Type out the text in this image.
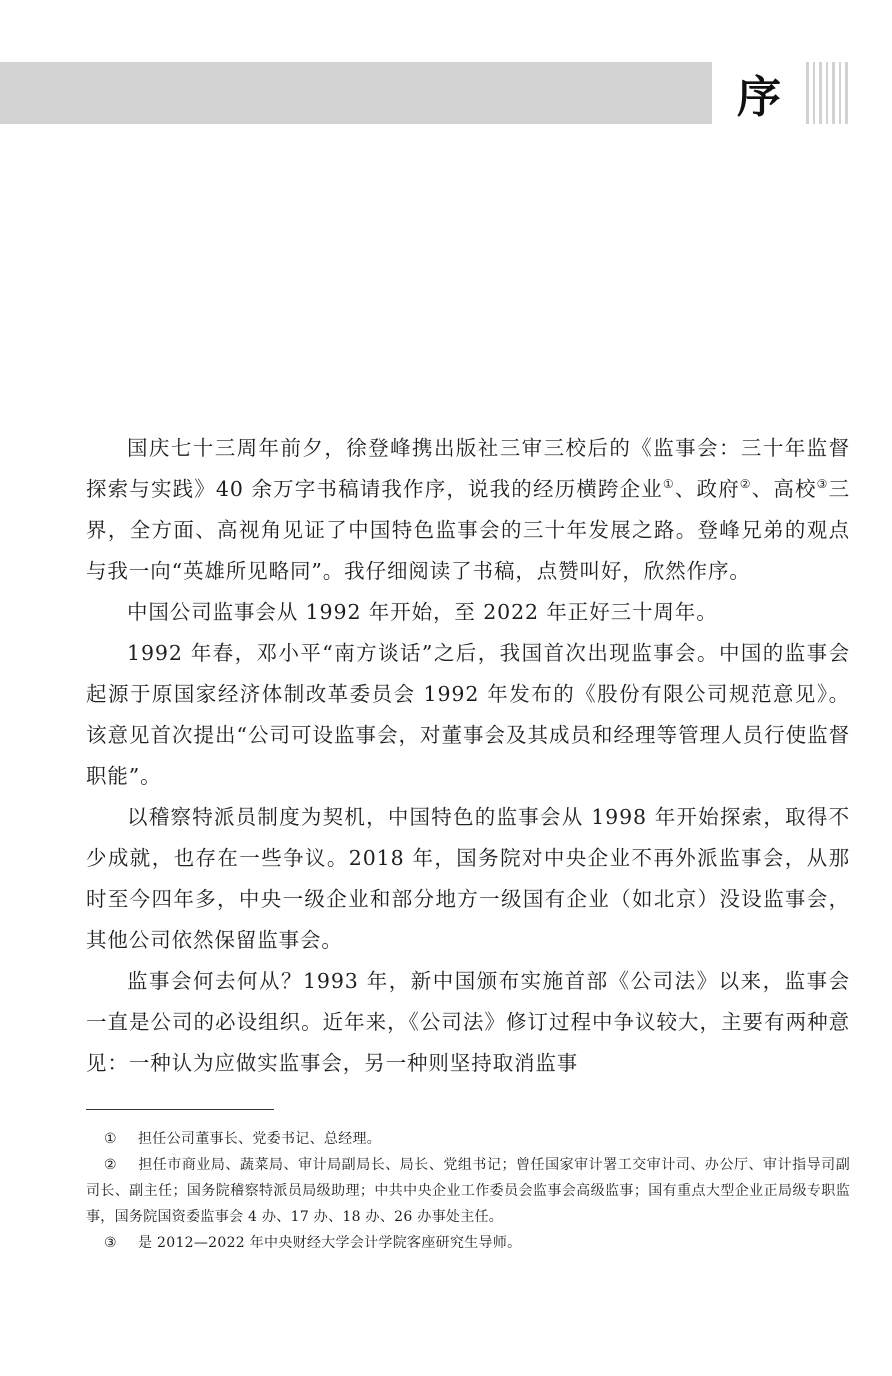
序

国庆七十三周年前夕，徐登峰携出版社三审三校后的《监事会：三十年监督探索与实践》40 余万字书稿请我作序，说我的经历横跨企业①、政府②、高校③三界，全方面、高视角见证了中国特色监事会的三十年发展之路。登峰兄弟的观点与我一向“英雄所见略同”。我仔细阅读了书稿，点赞叫好，欣然作序。

中国公司监事会从 1992 年开始，至 2022 年正好三十周年。

1992 年春，邓小平“南方谈话”之后，我国首次出现监事会。中国的监事会起源于原国家经济体制改革委员会 1992 年发布的《股份有限公司规范意见》。该意见首次提出“公司可设监事会，对董事会及其成员和经理等管理人员行使监督职能”。

以稽察特派员制度为契机，中国特色的监事会从 1998 年开始探索，取得不少成就，也存在一些争议。2018 年，国务院对中央企业不再外派监事会，从那时至今四年多，中央一级企业和部分地方一级国有企业（如北京）没设监事会，其他公司依然保留监事会。

监事会何去何从？1993 年，新中国颁布实施首部《公司法》以来，监事会一直是公司的必设组织。近年来，《公司法》修订过程中争议较大，主要有两种意见：一种认为应做实监事会，另一种则坚持取消监事

① 担任公司董事长、党委书记、总经理。

② 担任市商业局、蔬菜局、审计局副局长、局长、党组书记；曾任国家审计署工交审计司、办公厅、审计指导司副司长、副主任；国务院稽察特派员局级助理；中共中央企业工作委员会监事会高级监事；国有重点大型企业正局级专职监事，国务院国资委监事会 4 办、17 办、18 办、26 办事处主任。

③ 是 2012—2022 年中央财经大学会计学院客座研究生导师。
